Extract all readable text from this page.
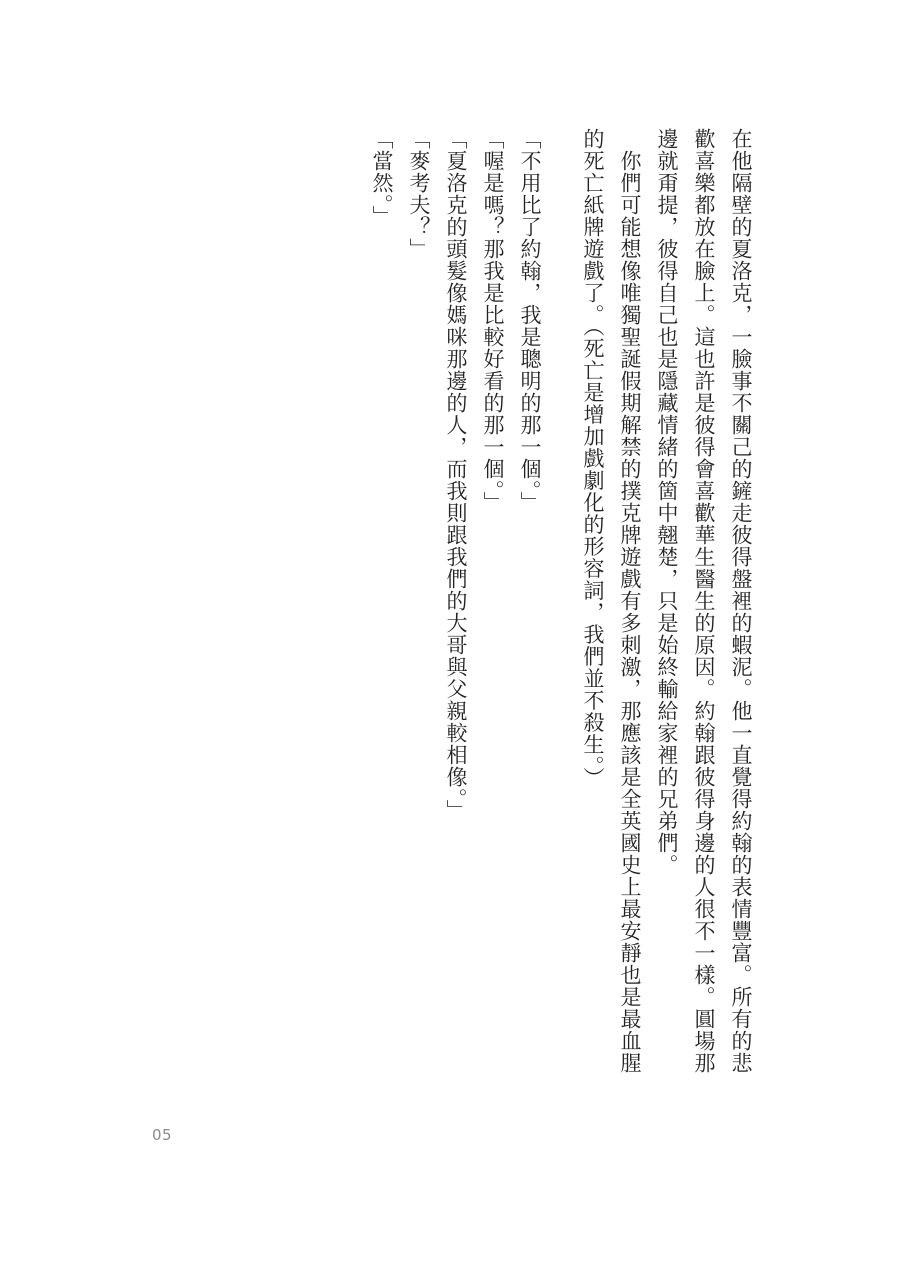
在他隔壁的夏洛克，一臉事不關己的鏟走彼得盤裡的蝦泥。他一直覺得約翰的表情豐富。所有的悲歡喜樂都放在臉上。這也許是彼得會喜歡華生醫生的原因。約翰跟彼得身邊的人很不一樣。圓場那邊就甭提，彼得自己也是隱藏情緒的箇中翹楚，只是始終輸給家裡的兄弟們。

　你們可能想像唯獨聖誕假期解禁的撲克牌遊戲有多刺激，那應該是全英國史上最安靜也是最血腥的死亡紙牌遊戲了。（死亡是增加戲劇化的形容詞，我們並不殺生。）

「不用比了約翰，我是聰明的那一個。」

「喔是嗎？那我是比較好看的那一個。」

「夏洛克的頭髮像媽咪那邊的人，而我則跟我們的大哥與父親較相像。」

「麥考夫？」

「當然。」

05
